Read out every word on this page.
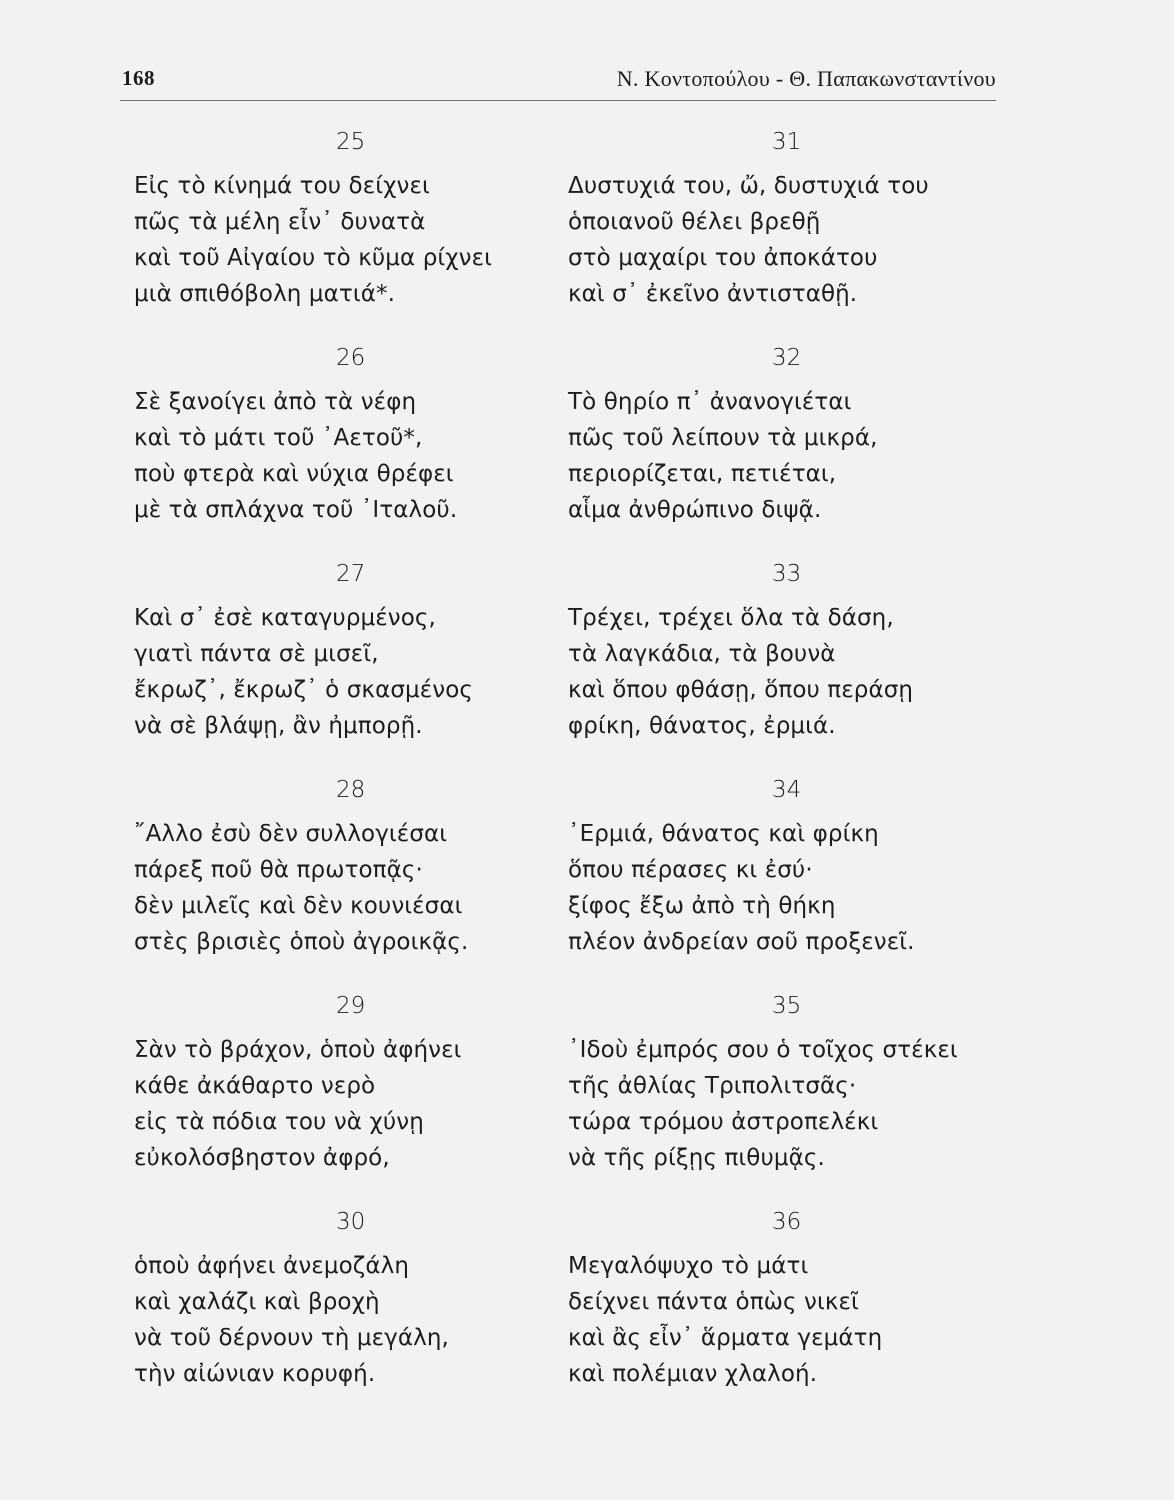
168	Ν. Κοντοπούλου - Θ. Παπακωνσταντίνου
25
Εἰς τὸ κίνημά του δείχνει
πῶς τὰ μέλη εἶν᾽ δυνατὰ
καὶ τοῦ Αἰγαίου τὸ κῦμα ρίχνει
μιὰ σπιθόβολη ματιά*.
26
Σὲ ξανοίγει ἀπὸ τὰ νέφη
καὶ τὸ μάτι τοῦ ᾽Αετοῦ*,
ποὺ φτερὰ καὶ νύχια θρέφει
μὲ τὰ σπλάχνα τοῦ ᾽Ιταλοῦ.
27
Καὶ σ᾽ ἐσὲ καταγυρμένος,
γιατὶ πάντα σὲ μισεῖ,
ἔκρωζ᾽, ἔκρωζ᾽ ὁ σκασμένος
νὰ σὲ βλάψῃ, ἂν ἠμπορῇ.
28
῎Αλλο ἐσὺ δὲν συλλογιέσαι
πάρεξ ποῦ θὰ πρωτοπᾷς·
δὲν μιλεῖς καὶ δὲν κουνιέσαι
στὲς βρισιὲς ὁποὺ ἀγροικᾷς.
29
Σὰν τὸ βράχον, ὁποὺ ἀφήνει
κάθε ἀκάθαρτο νερὸ
εἰς τὰ πόδια του νὰ χύνῃ
εὐκολόσβηστον ἀφρό,
30
ὁποὺ ἀφήνει ἀνεμοζάλη
καὶ χαλάζι καὶ βροχὴ
νὰ τοῦ δέρνουν τὴ μεγάλη,
τὴν αἰώνιαν κορυφή.
31
Δυστυχιά του, ὤ, δυστυχιά του
ὁποιανοῦ θέλει βρεθῇ
στὸ μαχαίρι του ἀποκάτου
καὶ σ᾽ ἐκεῖνο ἀντισταθῇ.
32
Τὸ θηρίο π᾽ ἀνανογιέται
πῶς τοῦ λείπουν τὰ μικρά,
περιορίζεται, πετιέται,
αἷμα ἀνθρώπινο διψᾷ.
33
Τρέχει, τρέχει ὅλα τὰ δάση,
τὰ λαγκάδια, τὰ βουνὰ
καὶ ὅπου φθάσῃ, ὅπου περάσῃ
φρίκη, θάνατος, ἐρμιά.
34
᾽Ερμιά, θάνατος καὶ φρίκη
ὅπου πέρασες κι ἐσύ·
ξίφος ἔξω ἀπὸ τὴ θήκη
πλέον ἀνδρείαν σοῦ προξενεῖ.
35
᾽Ιδοὺ ἐμπρός σου ὁ τοῖχος στέκει
τῆς ἀθλίας Τριπολιτσᾶς·
τώρα τρόμου ἀστροπελέκι
νὰ τῆς ρίξῃς πιθυμᾷς.
36
Μεγαλόψυχο τὸ μάτι
δείχνει πάντα ὁπὼς νικεῖ
καὶ ἂς εἶν᾽ ἅρματα γεμάτη
καὶ πολέμιαν χλαλοή.
